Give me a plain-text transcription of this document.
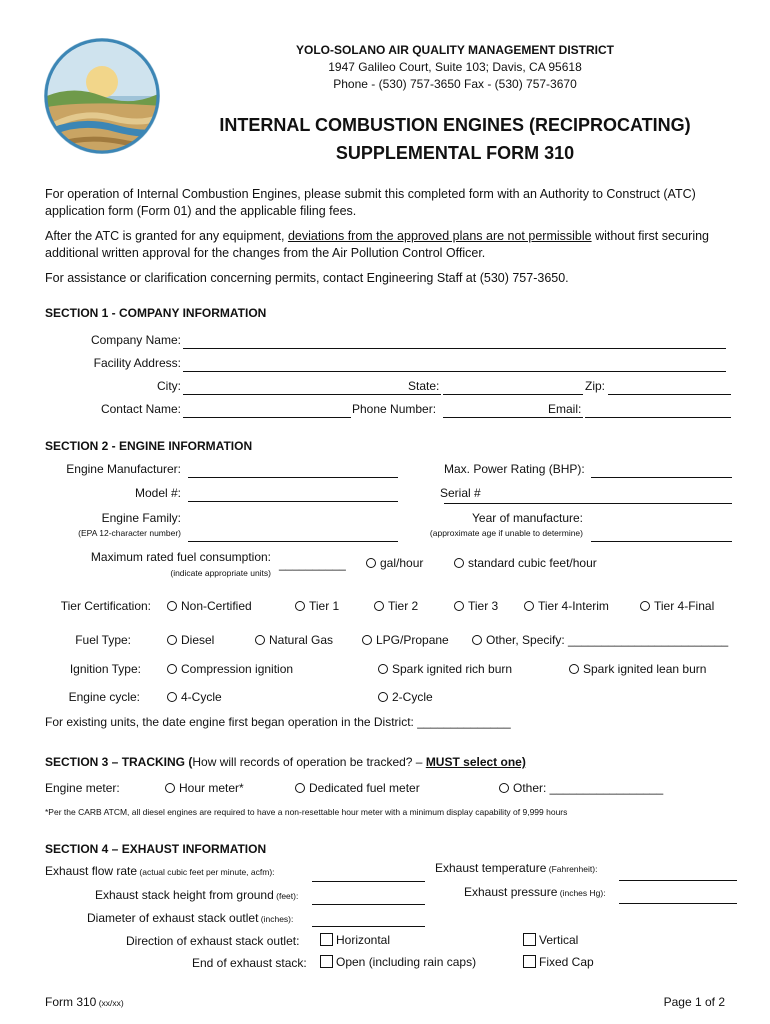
YOLO-SOLANO AIR QUALITY MANAGEMENT DISTRICT
1947 Galileo Court, Suite 103; Davis, CA 95618
Phone - (530) 757-3650 Fax - (530) 757-3670
INTERNAL COMBUSTION ENGINES (RECIPROCATING)
SUPPLEMENTAL FORM 310
For operation of Internal Combustion Engines, please submit this completed form with an Authority to Construct (ATC) application form (Form 01) and the applicable filing fees.
After the ATC is granted for any equipment, deviations from the approved plans are not permissible without first securing additional written approval for the changes from the Air Pollution Control Officer.
For assistance or clarification concerning permits, contact Engineering Staff at (530) 757-3650.
SECTION 1 - COMPANY INFORMATION
Company Name:
Facility Address:
City:	State:	Zip:
Contact Name:	Phone Number:	Email:
SECTION 2 - ENGINE INFORMATION
Engine Manufacturer:	Max. Power Rating (BHP):
Model #:	Serial #
Engine Family:
(EPA 12-character number)
Year of manufacture:
(approximate age if unable to determine)
Maximum rated fuel consumption:
(indicate appropriate units)
__________	gal/hour	standard cubic feet/hour
Tier Certification:	Non-Certified	Tier 1	Tier 2	Tier 3	Tier 4-Interim	Tier 4-Final
Fuel Type:	Diesel	Natural Gas	LPG/Propane	Other, Specify: ________________________
Ignition Type:	Compression ignition	Spark ignited rich burn	Spark ignited lean burn
Engine cycle:	4-Cycle	2-Cycle
For existing units, the date engine first began operation in the District: ______________
SECTION 3 – TRACKING (How will records of operation be tracked? – MUST select one)
Engine meter:	Hour meter*	Dedicated fuel meter	Other: _________________
*Per the CARB ATCM, all diesel engines are required to have a non-resettable hour meter with a minimum display capability of 9,999 hours
SECTION 4 – EXHAUST INFORMATION
Exhaust flow rate (actual cubic feet per minute, acfm):	Exhaust temperature (Fahrenheit):
Exhaust stack height from ground (feet):	Exhaust pressure (inches Hg):
Diameter of exhaust stack outlet (inches):
Direction of exhaust stack outlet:	Horizontal	Vertical
End of exhaust stack:	Open (including rain caps)	Fixed Cap
Form 310 (xx/xx)	Page 1 of 2
